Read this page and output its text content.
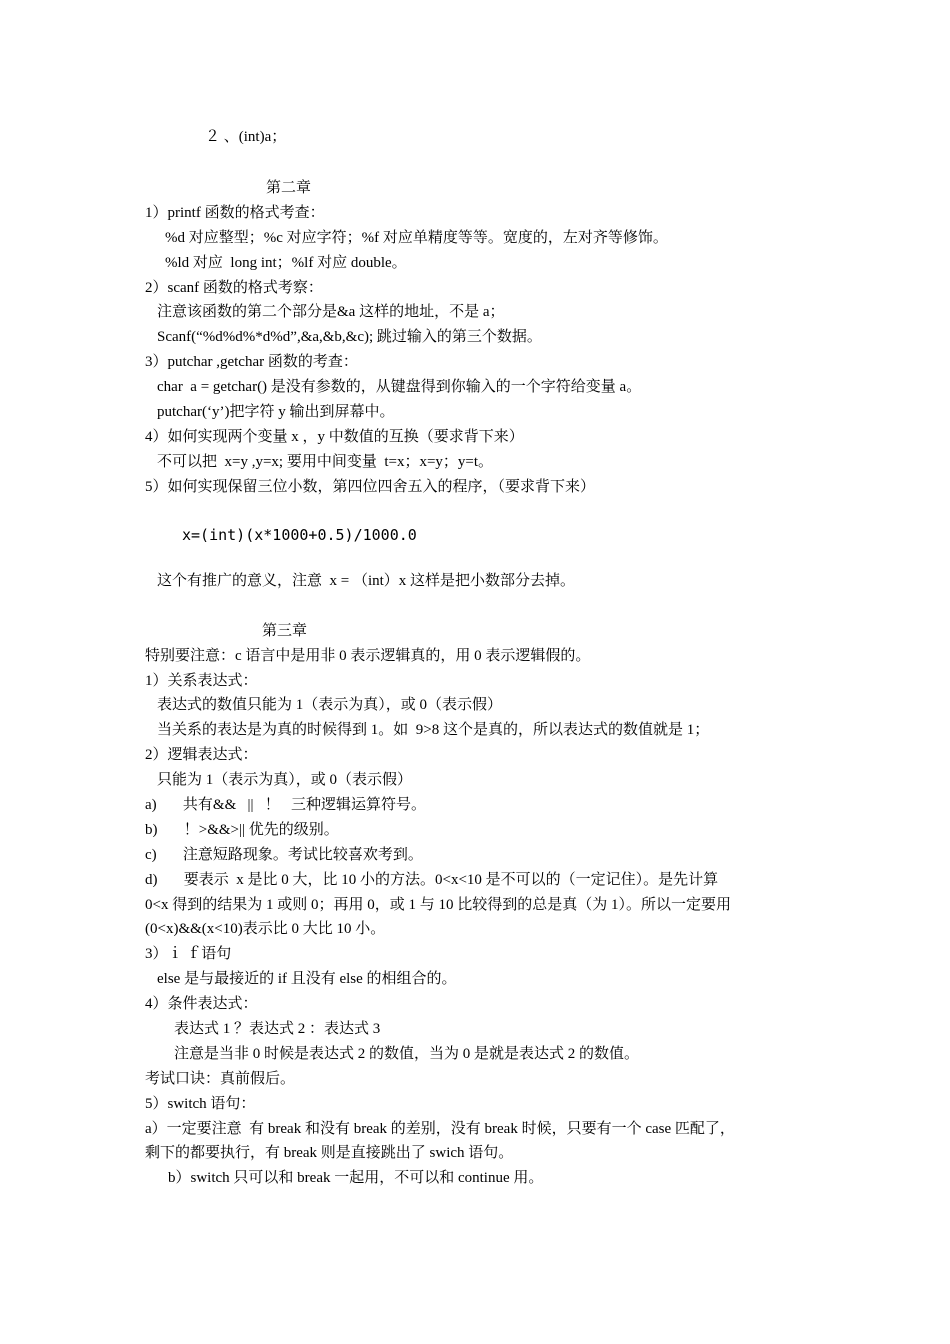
２ 、(int)a；
第二章
1）printf 函数的格式考查：
%d 对应整型；%c 对应字符；%f 对应单精度等等。宽度的，左对齐等修饰。
%ld 对应  long int；%lf 对应 double。
2）scanf 函数的格式考察：
注意该函数的第二个部分是&a 这样的地址，不是 a；
Scanf(“%d%d%*d%d”,&a,&b,&c); 跳过输入的第三个数据。
3）putchar ,getchar 函数的考查：
char  a = getchar() 是没有参数的，从键盘得到你输入的一个字符给变量 a。
putchar(‘y’)把字符 y 输出到屏幕中。
4）如何实现两个变量 x ，y 中数值的互换（要求背下来）
不可以把  x=y ,y=x; 要用中间变量  t=x；x=y；y=t。
5）如何实现保留三位小数，第四位四舍五入的程序，（要求背下来）
x=(int)(x*1000+0.5)/1000.0
这个有推广的意义，注意  x = （int）x 这样是把小数部分去掉。
第三章
特别要注意：c 语言中是用非 0 表示逻辑真的，用 0 表示逻辑假的。
1）关系表达式：
表达式的数值只能为 1（表示为真），或 0（表示假）
当关系的表达是为真的时候得到 1。如  9>8 这个是真的，所以表达式的数值就是 1；
2）逻辑表达式：
只能为 1（表示为真），或 0（表示假）
a)       共有&&   ||   ！   三种逻辑运算符号。
b)       ！>&&>|| 优先的级别。
c)       注意短路现象。考试比较喜欢考到。
d)       要表示  x 是比 0 大，比 10 小的方法。0<x<10 是不可以的（一定记住）。是先计算
0<x 得到的结果为 1 或则 0；再用 0，或 1 与 10 比较得到的总是真（为 1）。所以一定要用
(0<x)&&(x<10)表示比 0 大比 10 小。
3）ｉ ｆ语句
else 是与最接近的 if 且没有 else 的相组合的。
4）条件表达式：
表达式 1 ？表达式 2 ：表达式 3
注意是当非 0 时候是表达式 2 的数值，当为 0 是就是表达式 2 的数值。
考试口诀：真前假后。
5）switch 语句：
a）一定要注意  有 break 和没有 break 的差别，没有 break 时候，只要有一个 case 匹配了，
剩下的都要执行，有 break 则是直接跳出了 swich 语句。
b）switch 只可以和 break 一起用，不可以和 continue 用。
